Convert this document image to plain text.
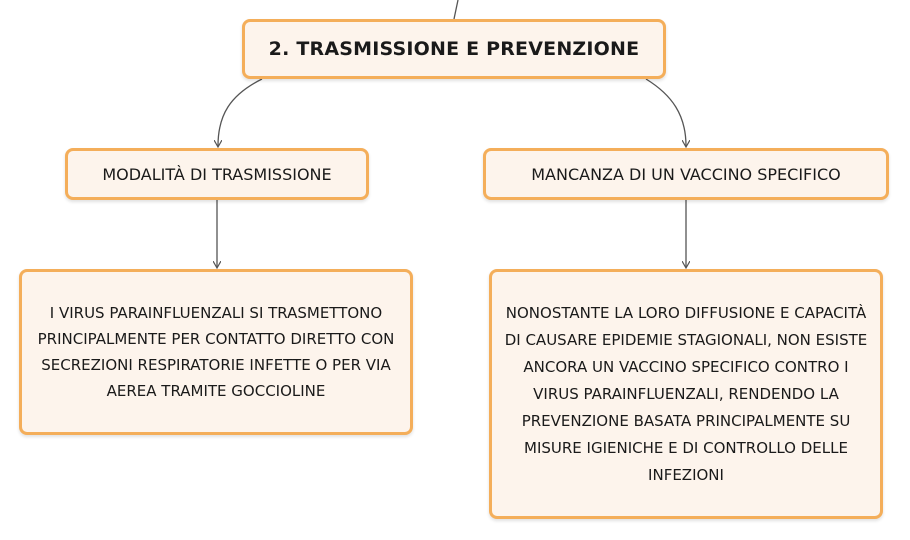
2. TRASMISSIONE E PREVENZIONE
MODALITÀ DI TRASMISSIONE	MANCANZA DI UN VACCINO SPECIFICO
I VIRUS PARAINFLUENZALI SI TRASMETTONO PRINCIPALMENTE PER CONTATTO DIRETTO CON SECREZIONI RESPIRATORIE INFETTE O PER VIA AEREA TRAMITE GOCCIOLINE
NONOSTANTE LA LORO DIFFUSIONE E CAPACITÀ DI CAUSARE EPIDEMIE STAGIONALI, NON ESISTE ANCORA UN VACCINO SPECIFICO CONTRO I VIRUS PARAINFLUENZALI, RENDENDO LA PREVENZIONE BASATA PRINCIPALMENTE SU MISURE IGIENICHE E DI CONTROLLO DELLE INFEZIONI
